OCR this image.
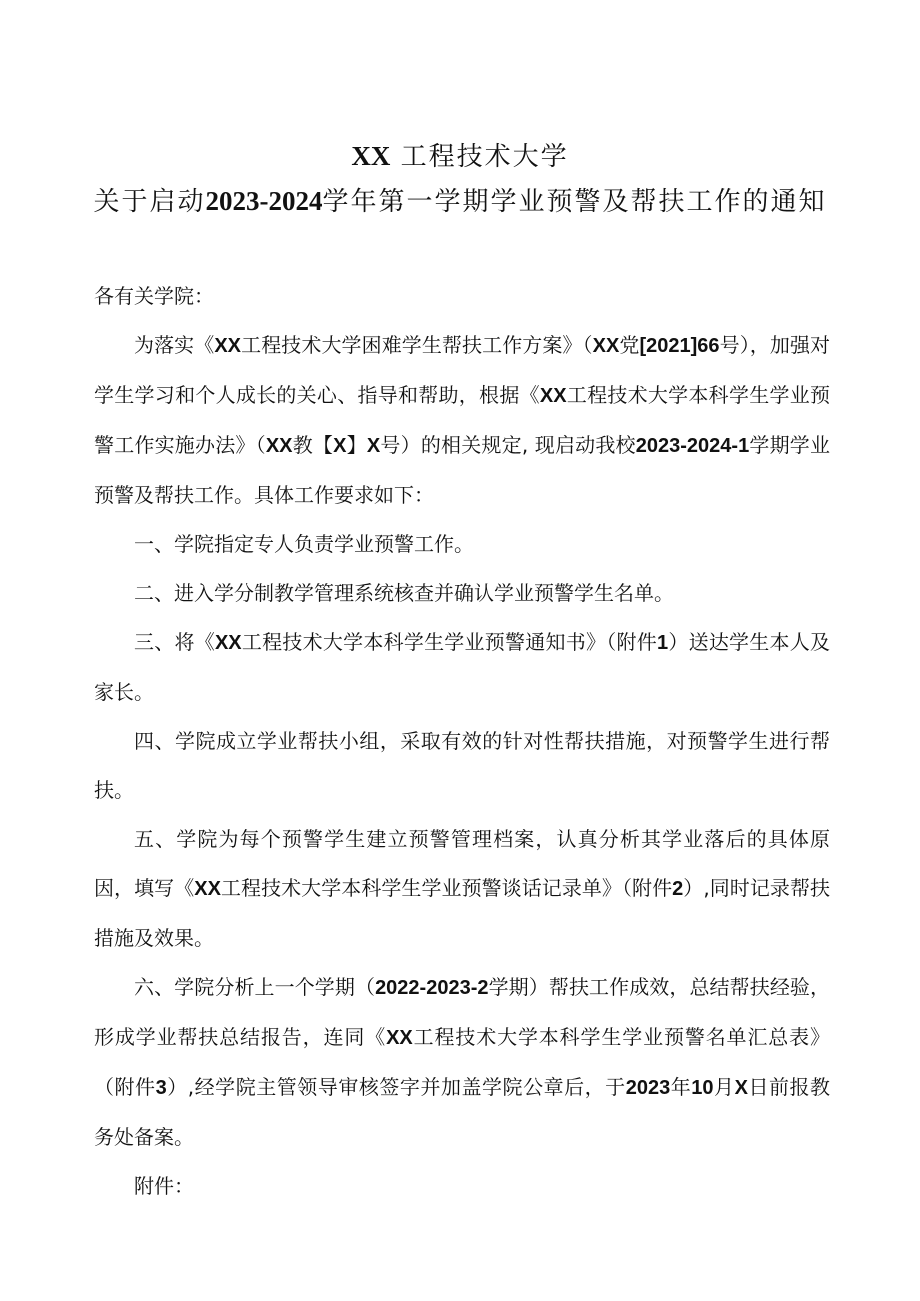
XX 工程技术大学
关于启动2023-2024学年第一学期学业预警及帮扶工作的通知
各有关学院：

为落实《XX工程技术大学困难学生帮扶工作方案》（XX党[2021]66号），加强对学生学习和个人成长的关心、指导和帮助，根据《XX工程技术大学本科学生学业预警工作实施办法》（XX教【X】X号）的相关规定, 现启动我校2023-2024-1学期学业预警及帮扶工作。具体工作要求如下：

一、学院指定专人负责学业预警工作。

二、进入学分制教学管理系统核查并确认学业预警学生名单。

三、将《XX工程技术大学本科学生学业预警通知书》（附件1）送达学生本人及家长。

四、学院成立学业帮扶小组，采取有效的针对性帮扶措施，对预警学生进行帮扶。

五、学院为每个预警学生建立预警管理档案，认真分析其学业落后的具体原因，填写《XX工程技术大学本科学生学业预警谈话记录单》（附件2）,同时记录帮扶措施及效果。

六、学院分析上一个学期（2022-2023-2学期）帮扶工作成效，总结帮扶经验，形成学业帮扶总结报告，连同《XX工程技术大学本科学生学业预警名单汇总表》（附件3）,经学院主管领导审核签字并加盖学院公章后，于2023年10月X日前报教务处备案。

附件：
